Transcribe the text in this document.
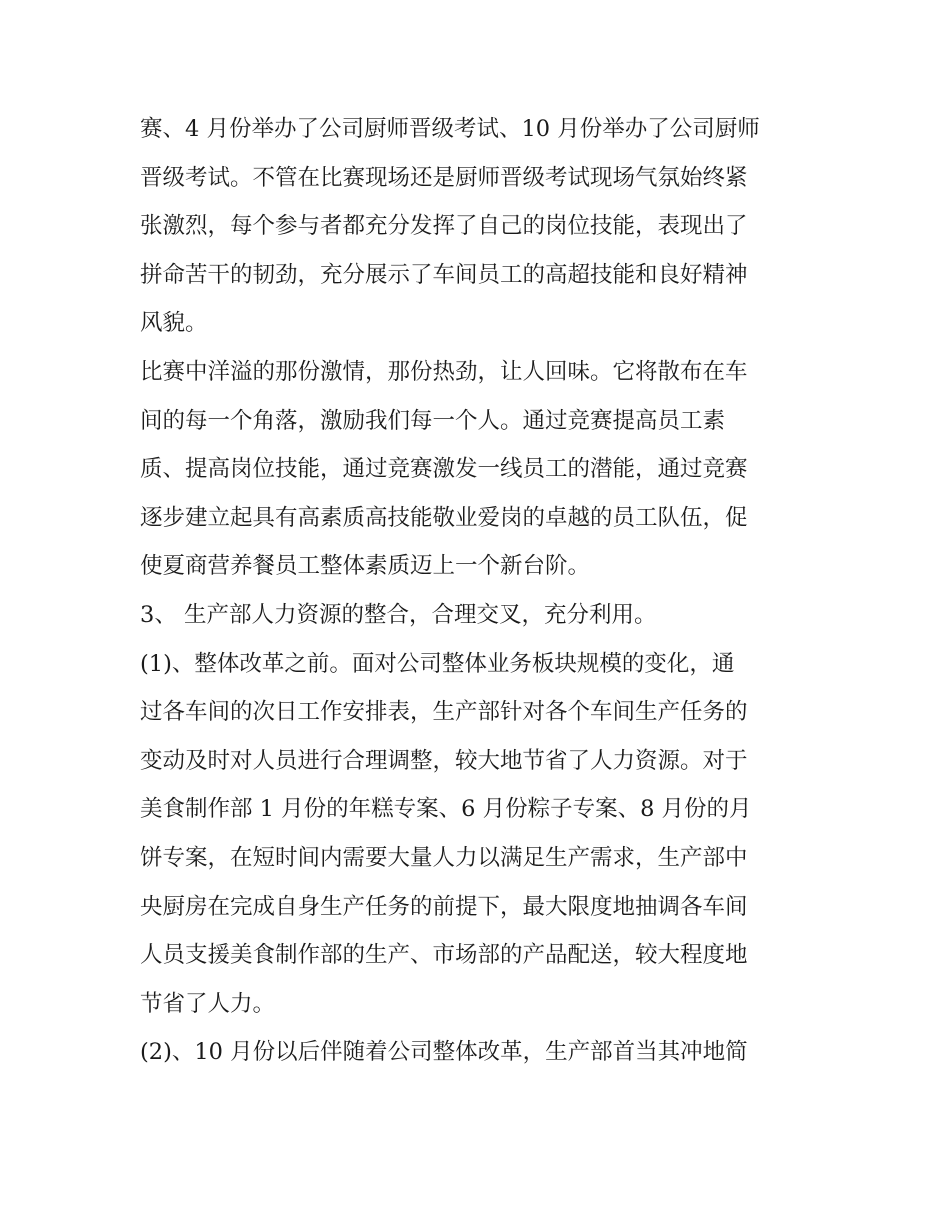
赛、4 月份举办了公司厨师晋级考试、10 月份举办了公司厨师
晋级考试。不管在比赛现场还是厨师晋级考试现场气氛始终紧
张激烈，每个参与者都充分发挥了自己的岗位技能，表现出了
拼命苦干的韧劲，充分展示了车间员工的高超技能和良好精神
风貌。
比赛中洋溢的那份激情，那份热劲，让人回味。它将散布在车
间的每一个角落，激励我们每一个人。通过竞赛提高员工素
质、提高岗位技能，通过竞赛激发一线员工的潜能，通过竞赛
逐步建立起具有高素质高技能敬业爱岗的卓越的员工队伍，促
使夏商营养餐员工整体素质迈上一个新台阶。
3、 生产部人力资源的整合，合理交叉，充分利用。
(1)、整体改革之前。面对公司整体业务板块规模的变化，通
过各车间的次日工作安排表，生产部针对各个车间生产任务的
变动及时对人员进行合理调整，较大地节省了人力资源。对于
美食制作部 1 月份的年糕专案、6 月份粽子专案、8 月份的月
饼专案，在短时间内需要大量人力以满足生产需求，生产部中
央厨房在完成自身生产任务的前提下，最大限度地抽调各车间
人员支援美食制作部的生产、市场部的产品配送，较大程度地
节省了人力。
(2)、10 月份以后伴随着公司整体改革，生产部首当其冲地简
